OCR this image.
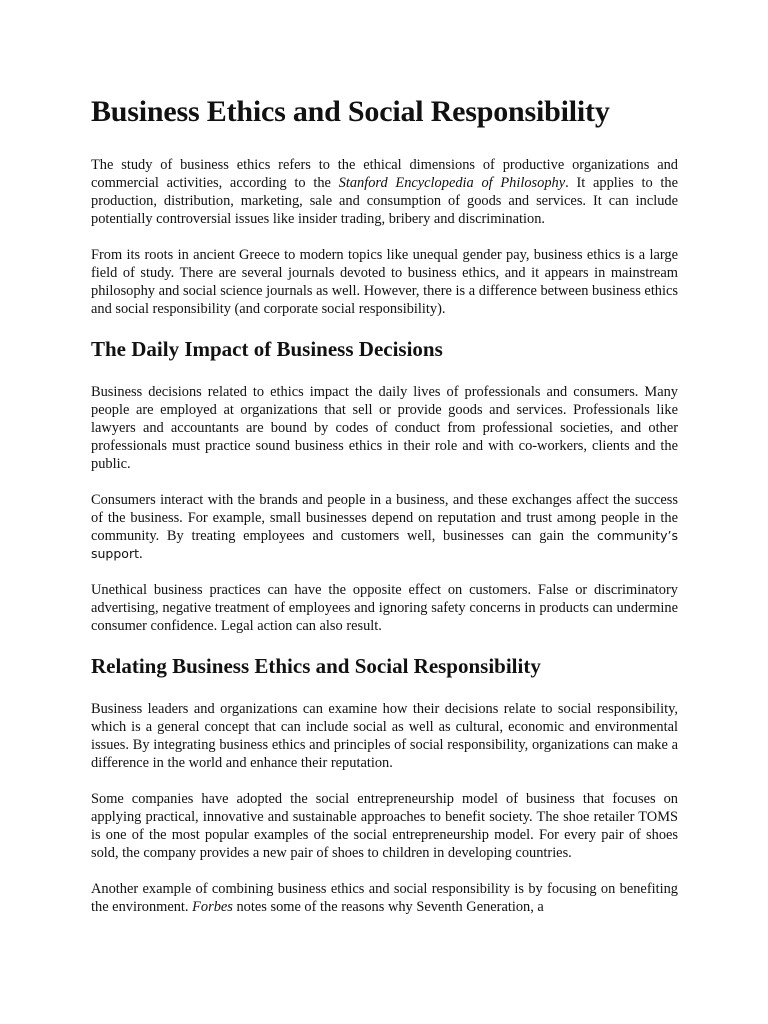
Business Ethics and Social Responsibility

The study of business ethics refers to the ethical dimensions of productive organizations and commercial activities, according to the Stanford Encyclopedia of Philosophy. It applies to the production, distribution, marketing, sale and consumption of goods and services. It can include potentially controversial issues like insider trading, bribery and discrimination.

From its roots in ancient Greece to modern topics like unequal gender pay, business ethics is a large field of study. There are several journals devoted to business ethics, and it appears in mainstream philosophy and social science journals as well. However, there is a difference between business ethics and social responsibility (and corporate social responsibility).

The Daily Impact of Business Decisions

Business decisions related to ethics impact the daily lives of professionals and consumers. Many people are employed at organizations that sell or provide goods and services. Professionals like lawyers and accountants are bound by codes of conduct from professional societies, and other professionals must practice sound business ethics in their role and with co-workers, clients and the public.

Consumers interact with the brands and people in a business, and these exchanges affect the success of the business. For example, small businesses depend on reputation and trust among people in the community. By treating employees and customers well, businesses can gain the community’s support.

Unethical business practices can have the opposite effect on customers. False or discriminatory advertising, negative treatment of employees and ignoring safety concerns in products can undermine consumer confidence. Legal action can also result.

Relating Business Ethics and Social Responsibility

Business leaders and organizations can examine how their decisions relate to social responsibility, which is a general concept that can include social as well as cultural, economic and environmental issues. By integrating business ethics and principles of social responsibility, organizations can make a difference in the world and enhance their reputation.

Some companies have adopted the social entrepreneurship model of business that focuses on applying practical, innovative and sustainable approaches to benefit society. The shoe retailer TOMS is one of the most popular examples of the social entrepreneurship model. For every pair of shoes sold, the company provides a new pair of shoes to children in developing countries.

Another example of combining business ethics and social responsibility is by focusing on benefiting the environment. Forbes notes some of the reasons why Seventh Generation, a
